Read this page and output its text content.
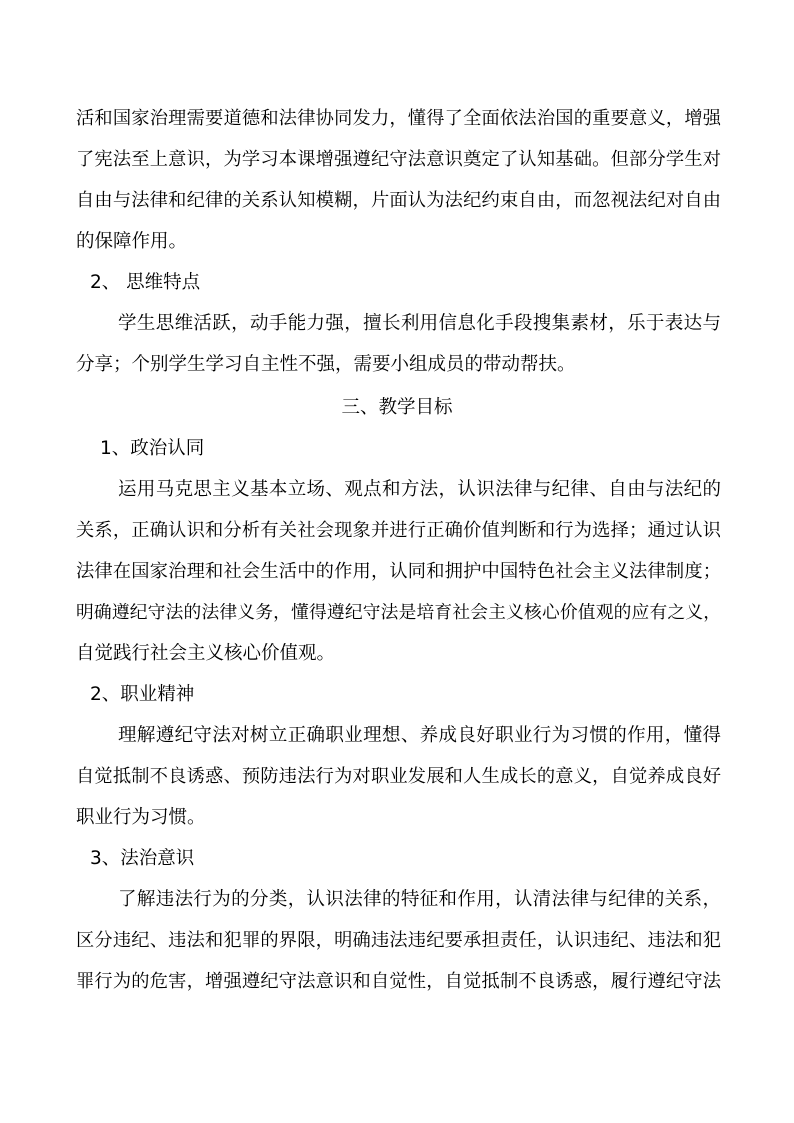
活和国家治理需要道德和法律协同发力，懂得了全面依法治国的重要意义，增强
了宪法至上意识，为学习本课增强遵纪守法意识奠定了认知基础。但部分学生对
自由与法律和纪律的关系认知模糊，片面认为法纪约束自由，而忽视法纪对自由
的保障作用。
2、 思维特点
学生思维活跃，动手能力强，擅长利用信息化手段搜集素材，乐于表达与
分享；个别学生学习自主性不强，需要小组成员的带动帮扶。
三、教学目标
1、政治认同
运用马克思主义基本立场、观点和方法，认识法律与纪律、自由与法纪的
关系，正确认识和分析有关社会现象并进行正确价值判断和行为选择；通过认识
法律在国家治理和社会生活中的作用，认同和拥护中国特色社会主义法律制度；
明确遵纪守法的法律义务，懂得遵纪守法是培育社会主义核心价值观的应有之义，
自觉践行社会主义核心价值观。
2、职业精神
理解遵纪守法对树立正确职业理想、养成良好职业行为习惯的作用，懂得
自觉抵制不良诱惑、预防违法行为对职业发展和人生成长的意义，自觉养成良好
职业行为习惯。
3、法治意识
了解违法行为的分类，认识法律的特征和作用，认清法律与纪律的关系，
区分违纪、违法和犯罪的界限，明确违法违纪要承担责任，认识违纪、违法和犯
罪行为的危害，增强遵纪守法意识和自觉性，自觉抵制不良诱惑，履行遵纪守法
